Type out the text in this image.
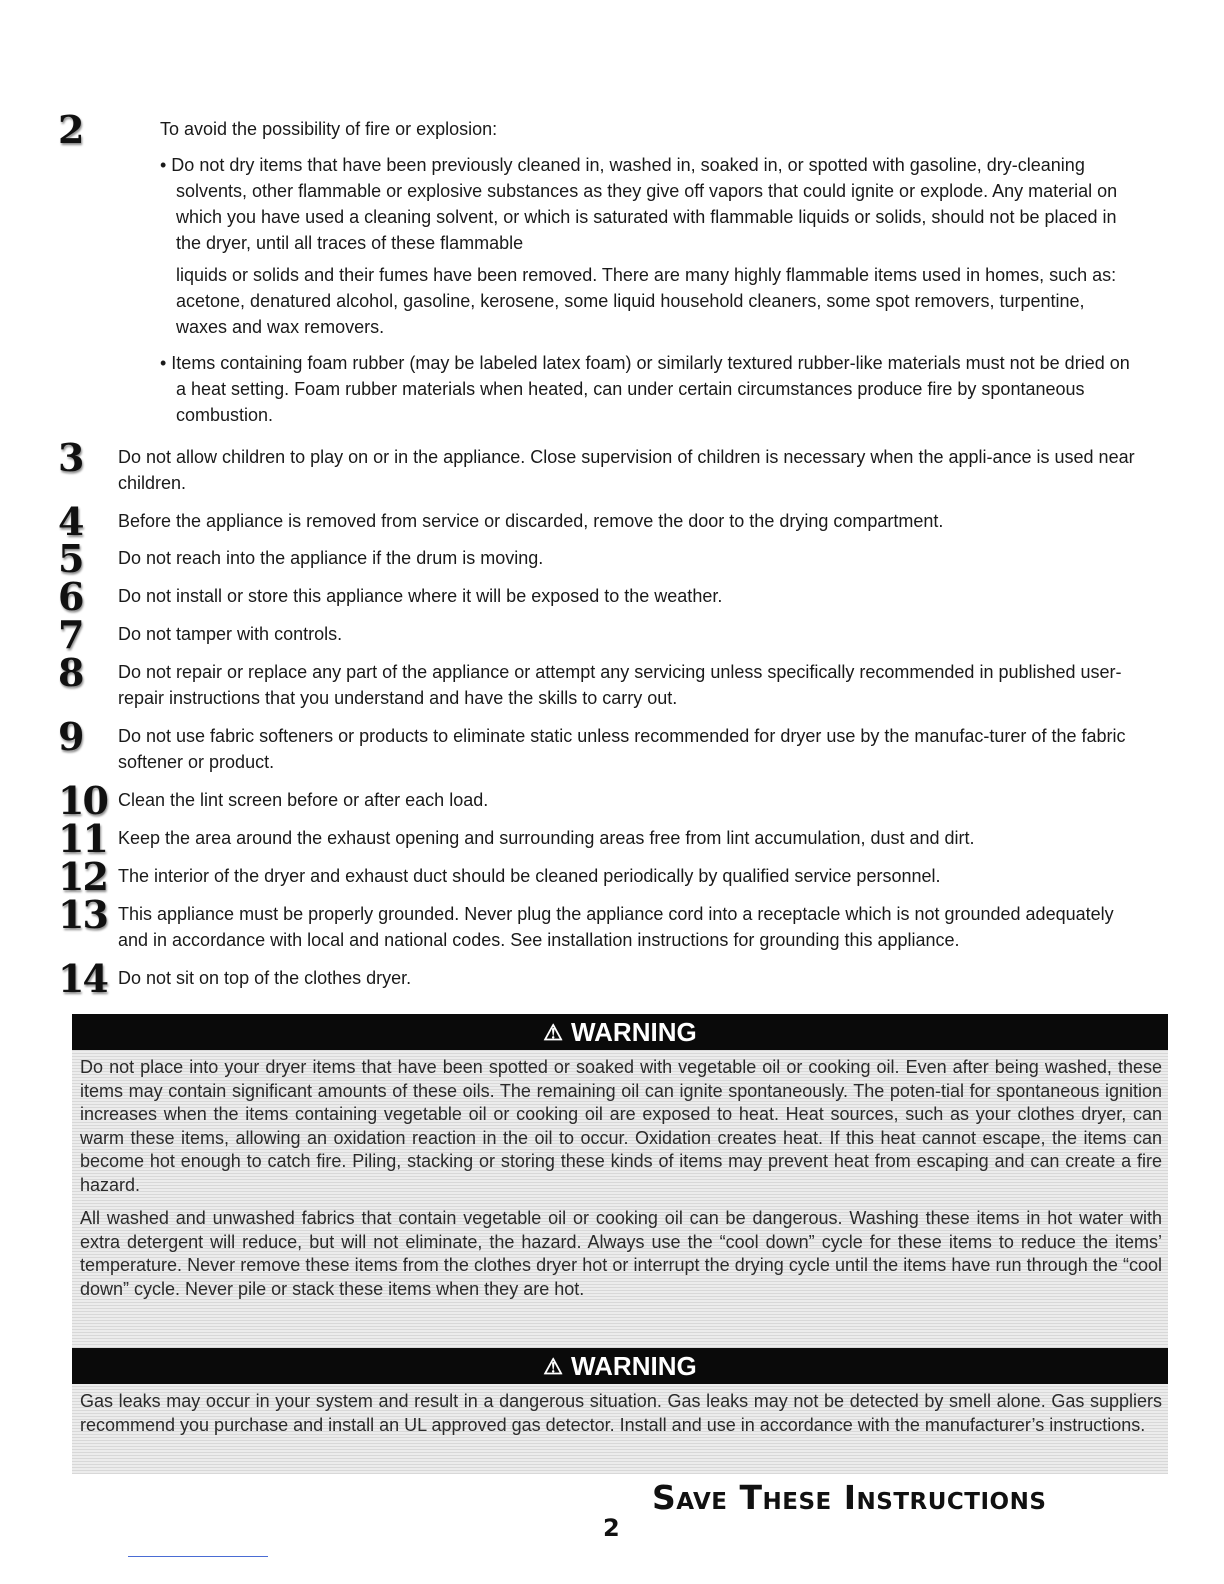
2	To avoid the possibility of fire or explosion:

• Do not dry items that have been previously cleaned in, washed in, soaked in, or spotted with gasoline, dry-cleaning solvents, other flammable or explosive substances as they give off vapors that could ignite or explode. Any material on which you have used a cleaning solvent, or which is saturated with flammable liquids or solids, should not be placed in the dryer, until all traces of these flammable

liquids or solids and their fumes have been removed. There are many highly flammable items used in homes, such as: acetone, denatured alcohol, gasoline, kerosene, some liquid household cleaners, some spot removers, turpentine, waxes and wax removers.

• Items containing foam rubber (may be labeled latex foam) or similarly textured rubber-like materials must not be dried on a heat setting. Foam rubber materials when heated, can under certain circumstances produce fire by spontaneous combustion.

3	Do not allow children to play on or in the appliance. Close supervision of children is necessary when the appli-ance is used near children.
4	Before the appliance is removed from service or discarded, remove the door to the drying compartment.
5	Do not reach into the appliance if the drum is moving.
6	Do not install or store this appliance where it will be exposed to the weather.
7	Do not tamper with controls.
8	Do not repair or replace any part of the appliance or attempt any servicing unless specifically recommended in published user-repair instructions that you understand and have the skills to carry out.
9	Do not use fabric softeners or products to eliminate static unless recommended for dryer use by the manufac-turer of the fabric softener or product.
10 Clean the lint screen before or after each load.
11 Keep the area around the exhaust opening and surrounding areas free from lint accumulation, dust and dirt.
12 The interior of the dryer and exhaust duct should be cleaned periodically by qualified service personnel.
13 This appliance must be properly grounded. Never plug the appliance cord into a receptacle which is not grounded adequately and in accordance with local and national codes. See installation instructions for grounding this appliance.
14 Do not sit on top of the clothes dryer.
⚠ WARNING

Do not place into your dryer items that have been spotted or soaked with vegetable oil or cooking oil. Even after being washed, these items may contain significant amounts of these oils. The remaining oil can ignite spontaneously. The poten-tial for spontaneous ignition increases when the items containing vegetable oil or cooking oil are exposed to heat. Heat sources, such as your clothes dryer, can warm these items, allowing an oxidation reaction in the oil to occur. Oxidation creates heat. If this heat cannot escape, the items can become hot enough to catch fire. Piling, stacking or storing these kinds of items may prevent heat from escaping and can create a fire hazard.

All washed and unwashed fabrics that contain vegetable oil or cooking oil can be dangerous. Washing these items in hot water with extra detergent will reduce, but will not eliminate, the hazard. Always use the “cool down” cycle for these items to reduce the items’ temperature. Never remove these items from the clothes dryer hot or interrupt the drying cycle until the items have run through the “cool down” cycle. Never pile or stack these items when they are hot.

⚠ WARNING

Gas leaks may occur in your system and result in a dangerous situation. Gas leaks may not be detected by smell alone. Gas suppliers recommend you purchase and install an UL approved gas detector. Install and use in accordance with the manufacturer’s instructions.

Save These Instructions
2
